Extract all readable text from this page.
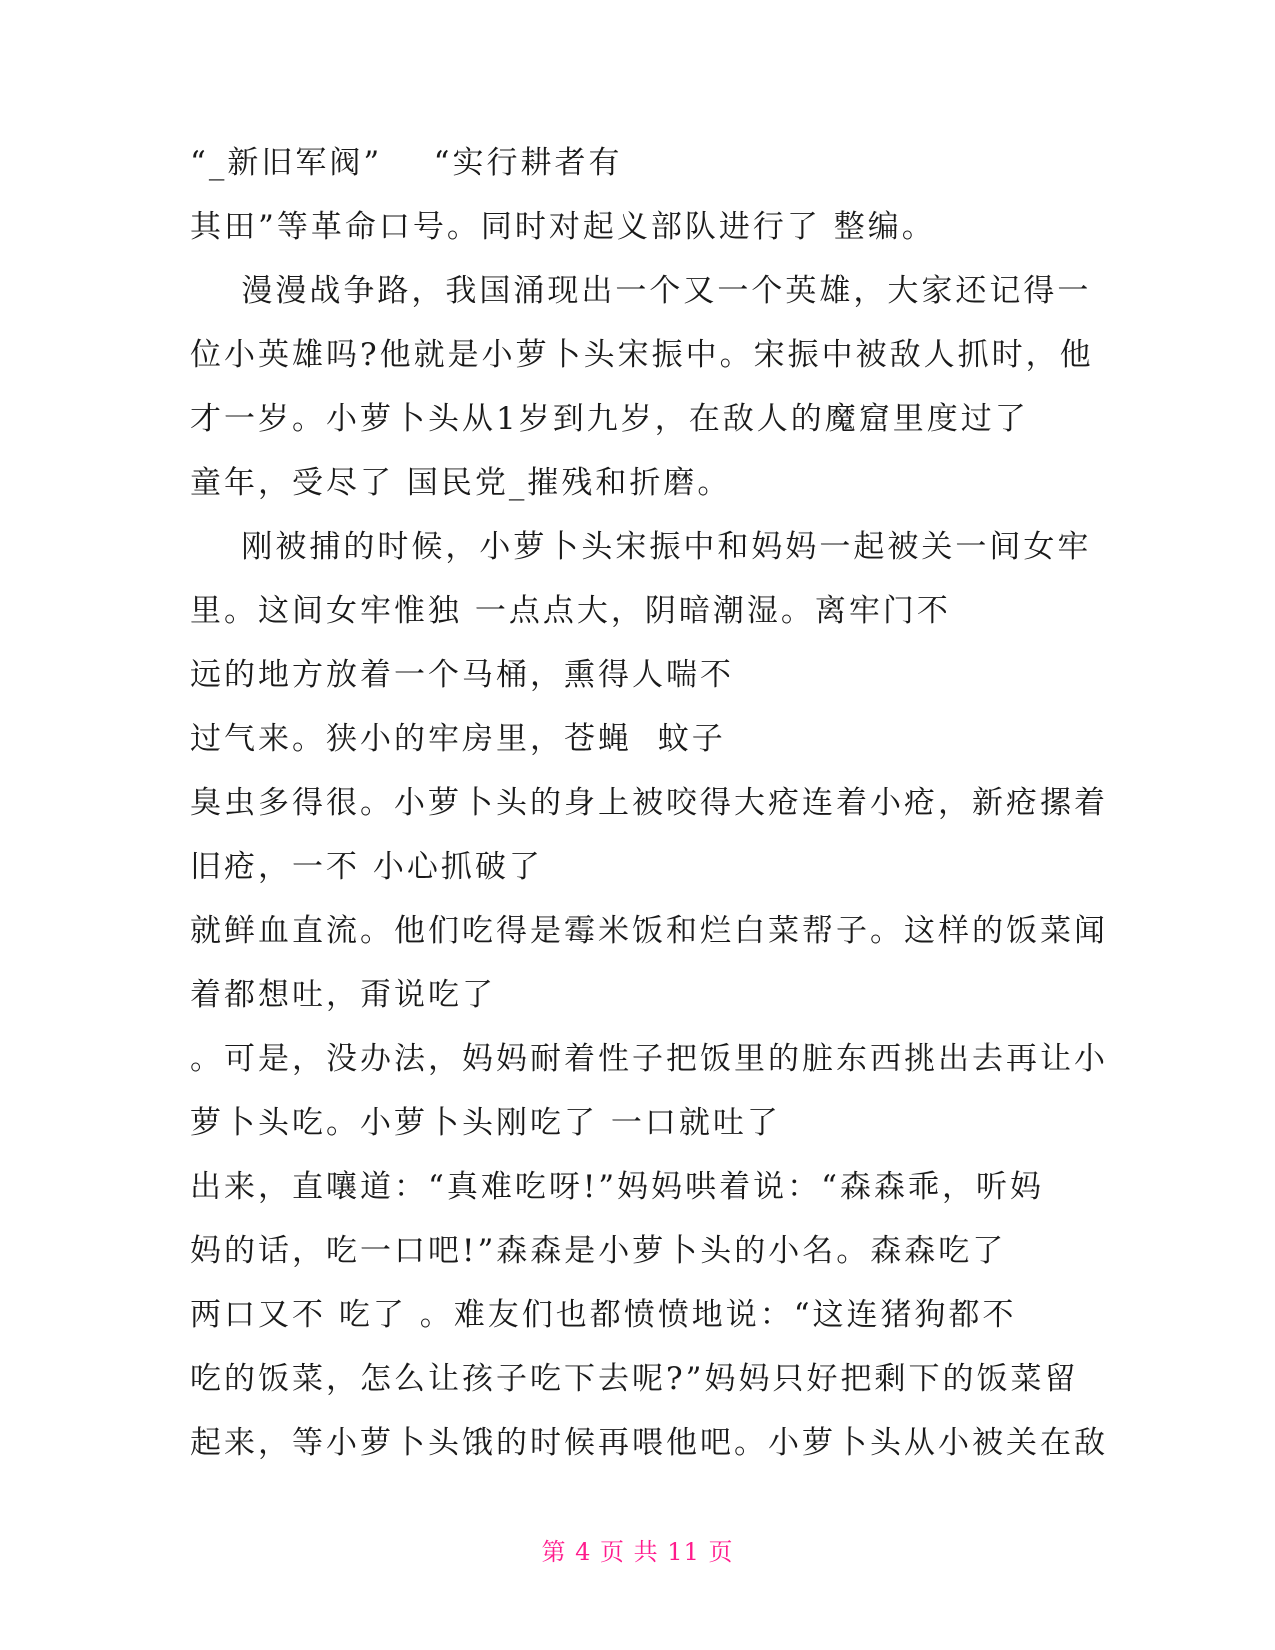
“_新旧军阀”    “实行耕者有
其田”等革命口号。同时对起义部队进行了 整编。
漫漫战争路，我国涌现出一个又一个英雄，大家还记得一
位小英雄吗?他就是小萝卜头宋振中。宋振中被敌人抓时，他
才一岁。小萝卜头从1岁到九岁，在敌人的魔窟里度过了
童年，受尽了 国民党_摧残和折磨。
刚被捕的时候，小萝卜头宋振中和妈妈一起被关一间女牢
里。这间女牢惟独 一点点大，阴暗潮湿。离牢门不
远的地方放着一个马桶，熏得人喘不
过气来。狭小的牢房里，苍蝇  蚊子
臭虫多得很。小萝卜头的身上被咬得大疮连着小疮，新疮摞着
旧疮，一不 小心抓破了
就鲜血直流。他们吃得是霉米饭和烂白菜帮子。这样的饭菜闻
着都想吐，甭说吃了
。可是，没办法，妈妈耐着性子把饭里的脏东西挑出去再让小
萝卜头吃。小萝卜头刚吃了 一口就吐了
出来，直嚷道：“真难吃呀!”妈妈哄着说：“森森乖，听妈
妈的话，吃一口吧!”森森是小萝卜头的小名。森森吃了
两口又不 吃了 。难友们也都愤愤地说：“这连猪狗都不
吃的饭菜，怎么让孩子吃下去呢?”妈妈只好把剩下的饭菜留
起来，等小萝卜头饿的时候再喂他吧。小萝卜头从小被关在敌
第 4 页 共 11 页
